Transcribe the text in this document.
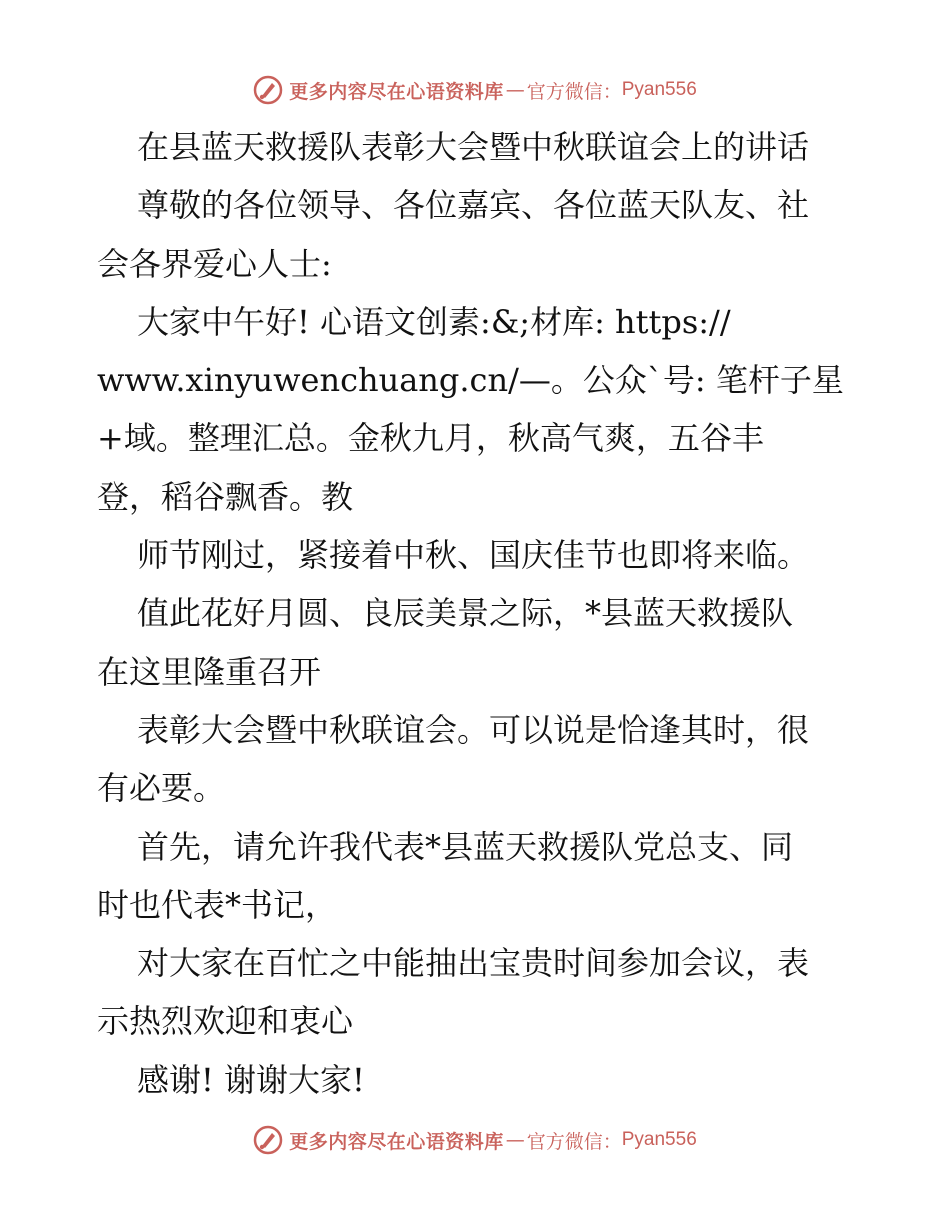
更多内容尽在心语资料库 — 官方微信： Pyan556
在县蓝天救援队表彰大会暨中秋联谊会上的讲话
尊敬的各位领导、各位嘉宾、各位蓝天队友、社
会各界爱心人士:
大家中午好! 心语文创素:&;材库: https://
www.xinyuwenchuang.cn/—。公众`号: 笔杆子星
+域。整理汇总。金秋九月，秋高气爽，五谷丰
登，稻谷飘香。教
师节刚过，紧接着中秋、国庆佳节也即将来临。
值此花好月圆、良辰美景之际，*县蓝天救援队
在这里隆重召开
表彰大会暨中秋联谊会。可以说是恰逢其时，很
有必要。
首先，请允许我代表*县蓝天救援队党总支、同
时也代表*书记，
对大家在百忙之中能抽出宝贵时间参加会议，表
示热烈欢迎和衷心
感谢! 谢谢大家!
更多内容尽在心语资料库 — 官方微信： Pyan556
